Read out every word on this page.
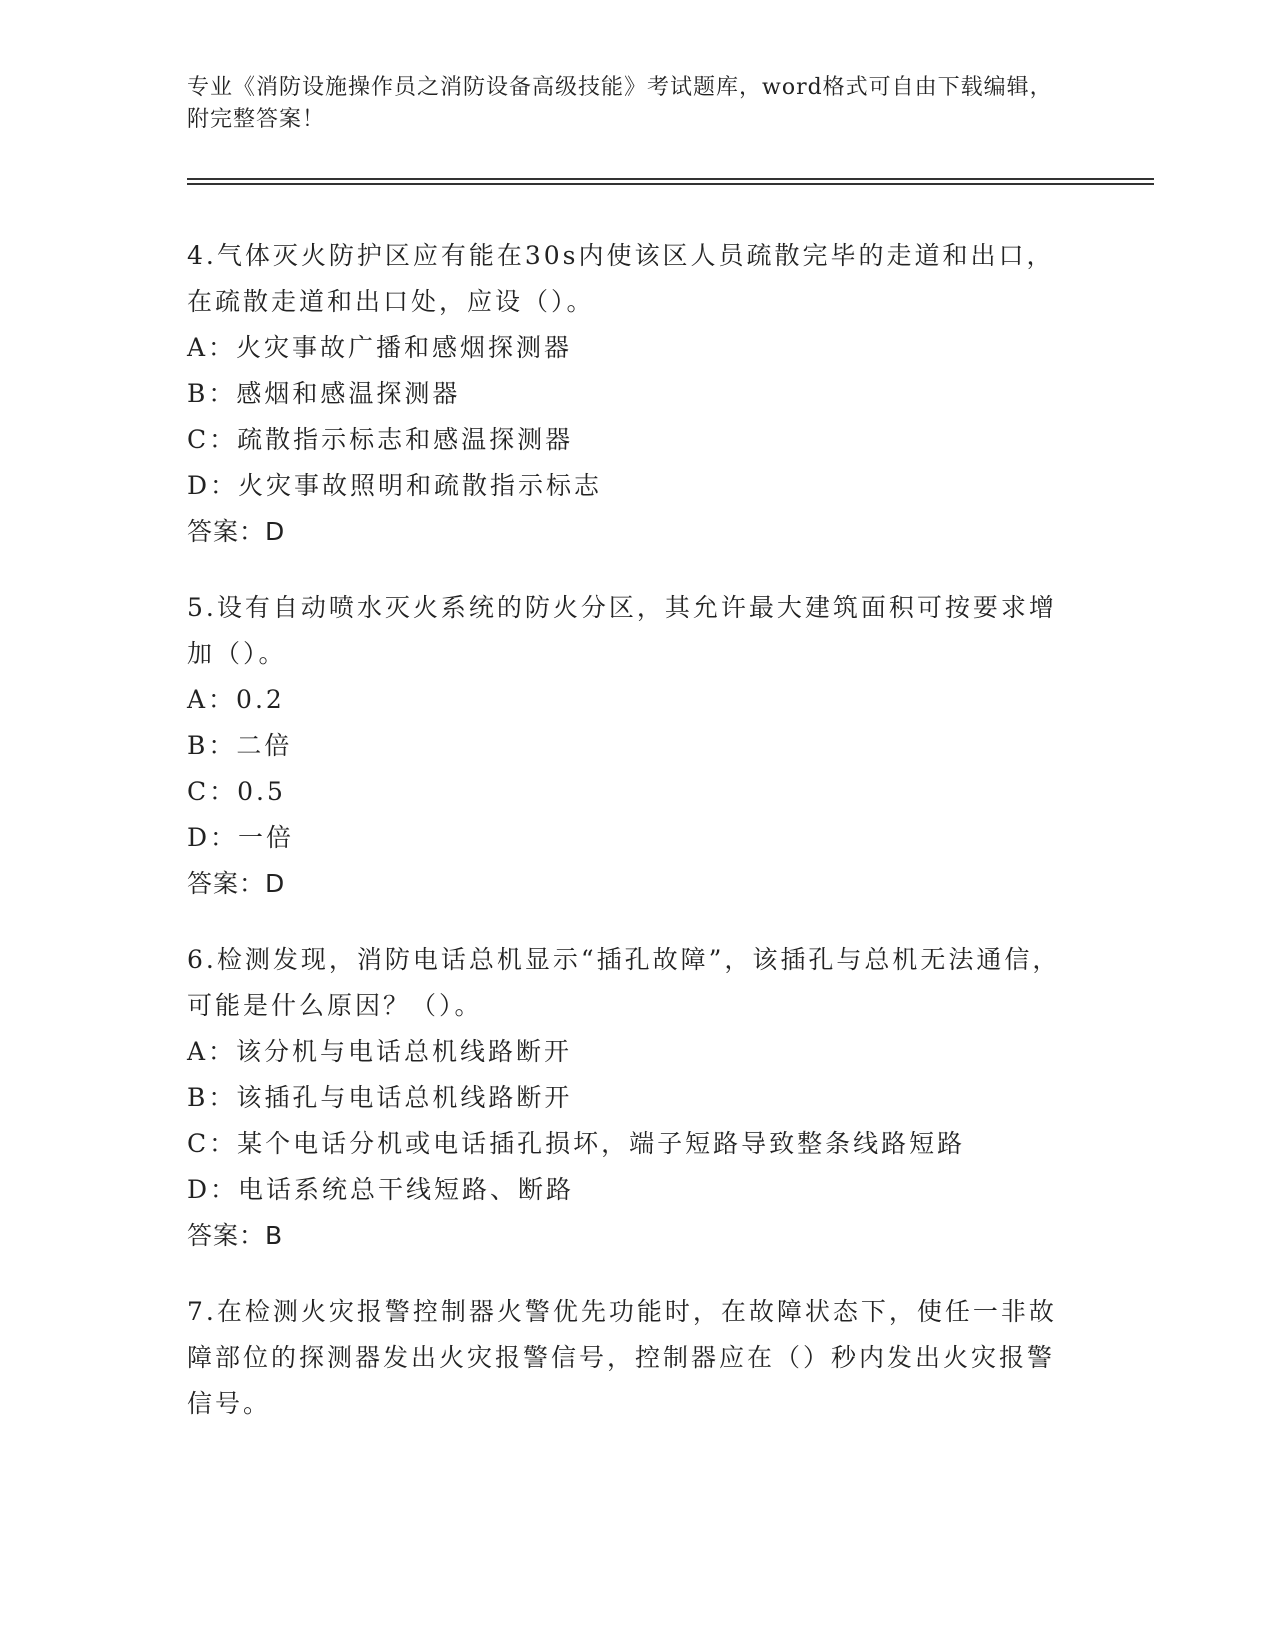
专业《消防设施操作员之消防设备高级技能》考试题库，word格式可自由下载编辑，附完整答案！

4.气体灭火防护区应有能在30s内使该区人员疏散完毕的走道和出口，在疏散走道和出口处，应设（）。

A：火灾事故广播和感烟探测器

B：感烟和感温探测器

C：疏散指示标志和感温探测器

D：火灾事故照明和疏散指示标志

答案：D

5.设有自动喷水灭火系统的防火分区，其允许最大建筑面积可按要求增加（）。

A：0.2

B：二倍

C：0.5

D：一倍

答案：D

6.检测发现，消防电话总机显示“插孔故障”，该插孔与总机无法通信，可能是什么原因？（）。

A：该分机与电话总机线路断开

B：该插孔与电话总机线路断开

C：某个电话分机或电话插孔损坏，端子短路导致整条线路短路

D：电话系统总干线短路、断路

答案：B

7.在检测火灾报警控制器火警优先功能时，在故障状态下，使任一非故障部位的探测器发出火灾报警信号，控制器应在（）秒内发出火灾报警信号。
